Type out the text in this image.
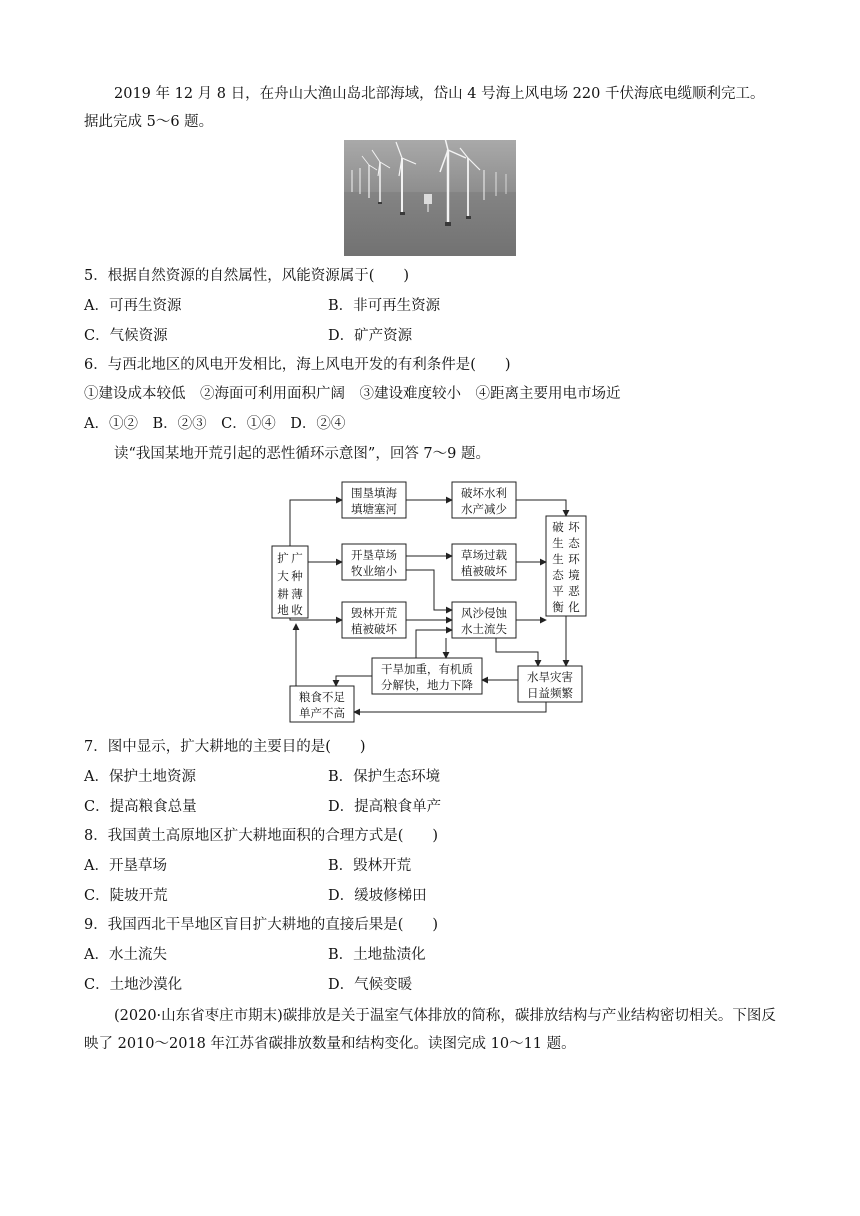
2019 年 12 月 8 日，在舟山大渔山岛北部海域，岱山 4 号海上风电场 220 千伏海底电缆顺利完工。据此完成 5～6 题。

5．根据自然资源的自然属性，风能资源属于(　　)
A．可再生资源	B．非可再生资源
C．气候资源	D．矿产资源
6．与西北地区的风电开发相比，海上风电开发的有利条件是(　　)
①建设成本较低　②海面可利用面积广阔　③建设难度较小　④距离主要用电市场近
A．①②　B．②③　C．①④　D．②④
读“我国某地开荒引起的恶性循环示意图”，回答 7～9 题。
扩 广
大 种
耕 薄
地 收
围垦填海
填塘塞河
破坏水利
水产减少
开垦草场
牧业缩小
草场过载
植被破坏
毁林开荒
植被破坏
风沙侵蚀
水土流失
干旱加重，有机质
分解快，地力下降
水旱灾害
日益频繁
粮食不足
单产不高
破 坏
生 态
生 环
态 境
平 恶
衡 化
7．图中显示，扩大耕地的主要目的是(　　)
A．保护土地资源	B．保护生态环境
C．提高粮食总量	D．提高粮食单产
8．我国黄土高原地区扩大耕地面积的合理方式是(　　)
A．开垦草场	B．毁林开荒
C．陡坡开荒	D．缓坡修梯田
9．我国西北干旱地区盲目扩大耕地的直接后果是(　　)
A．水土流失	B．土地盐渍化
C．土地沙漠化	D．气候变暖

(2020·山东省枣庄市期末)碳排放是关于温室气体排放的简称，碳排放结构与产业结构密切相关。下图反映了 2010～2018 年江苏省碳排放数量和结构变化。读图完成 10～11 题。
